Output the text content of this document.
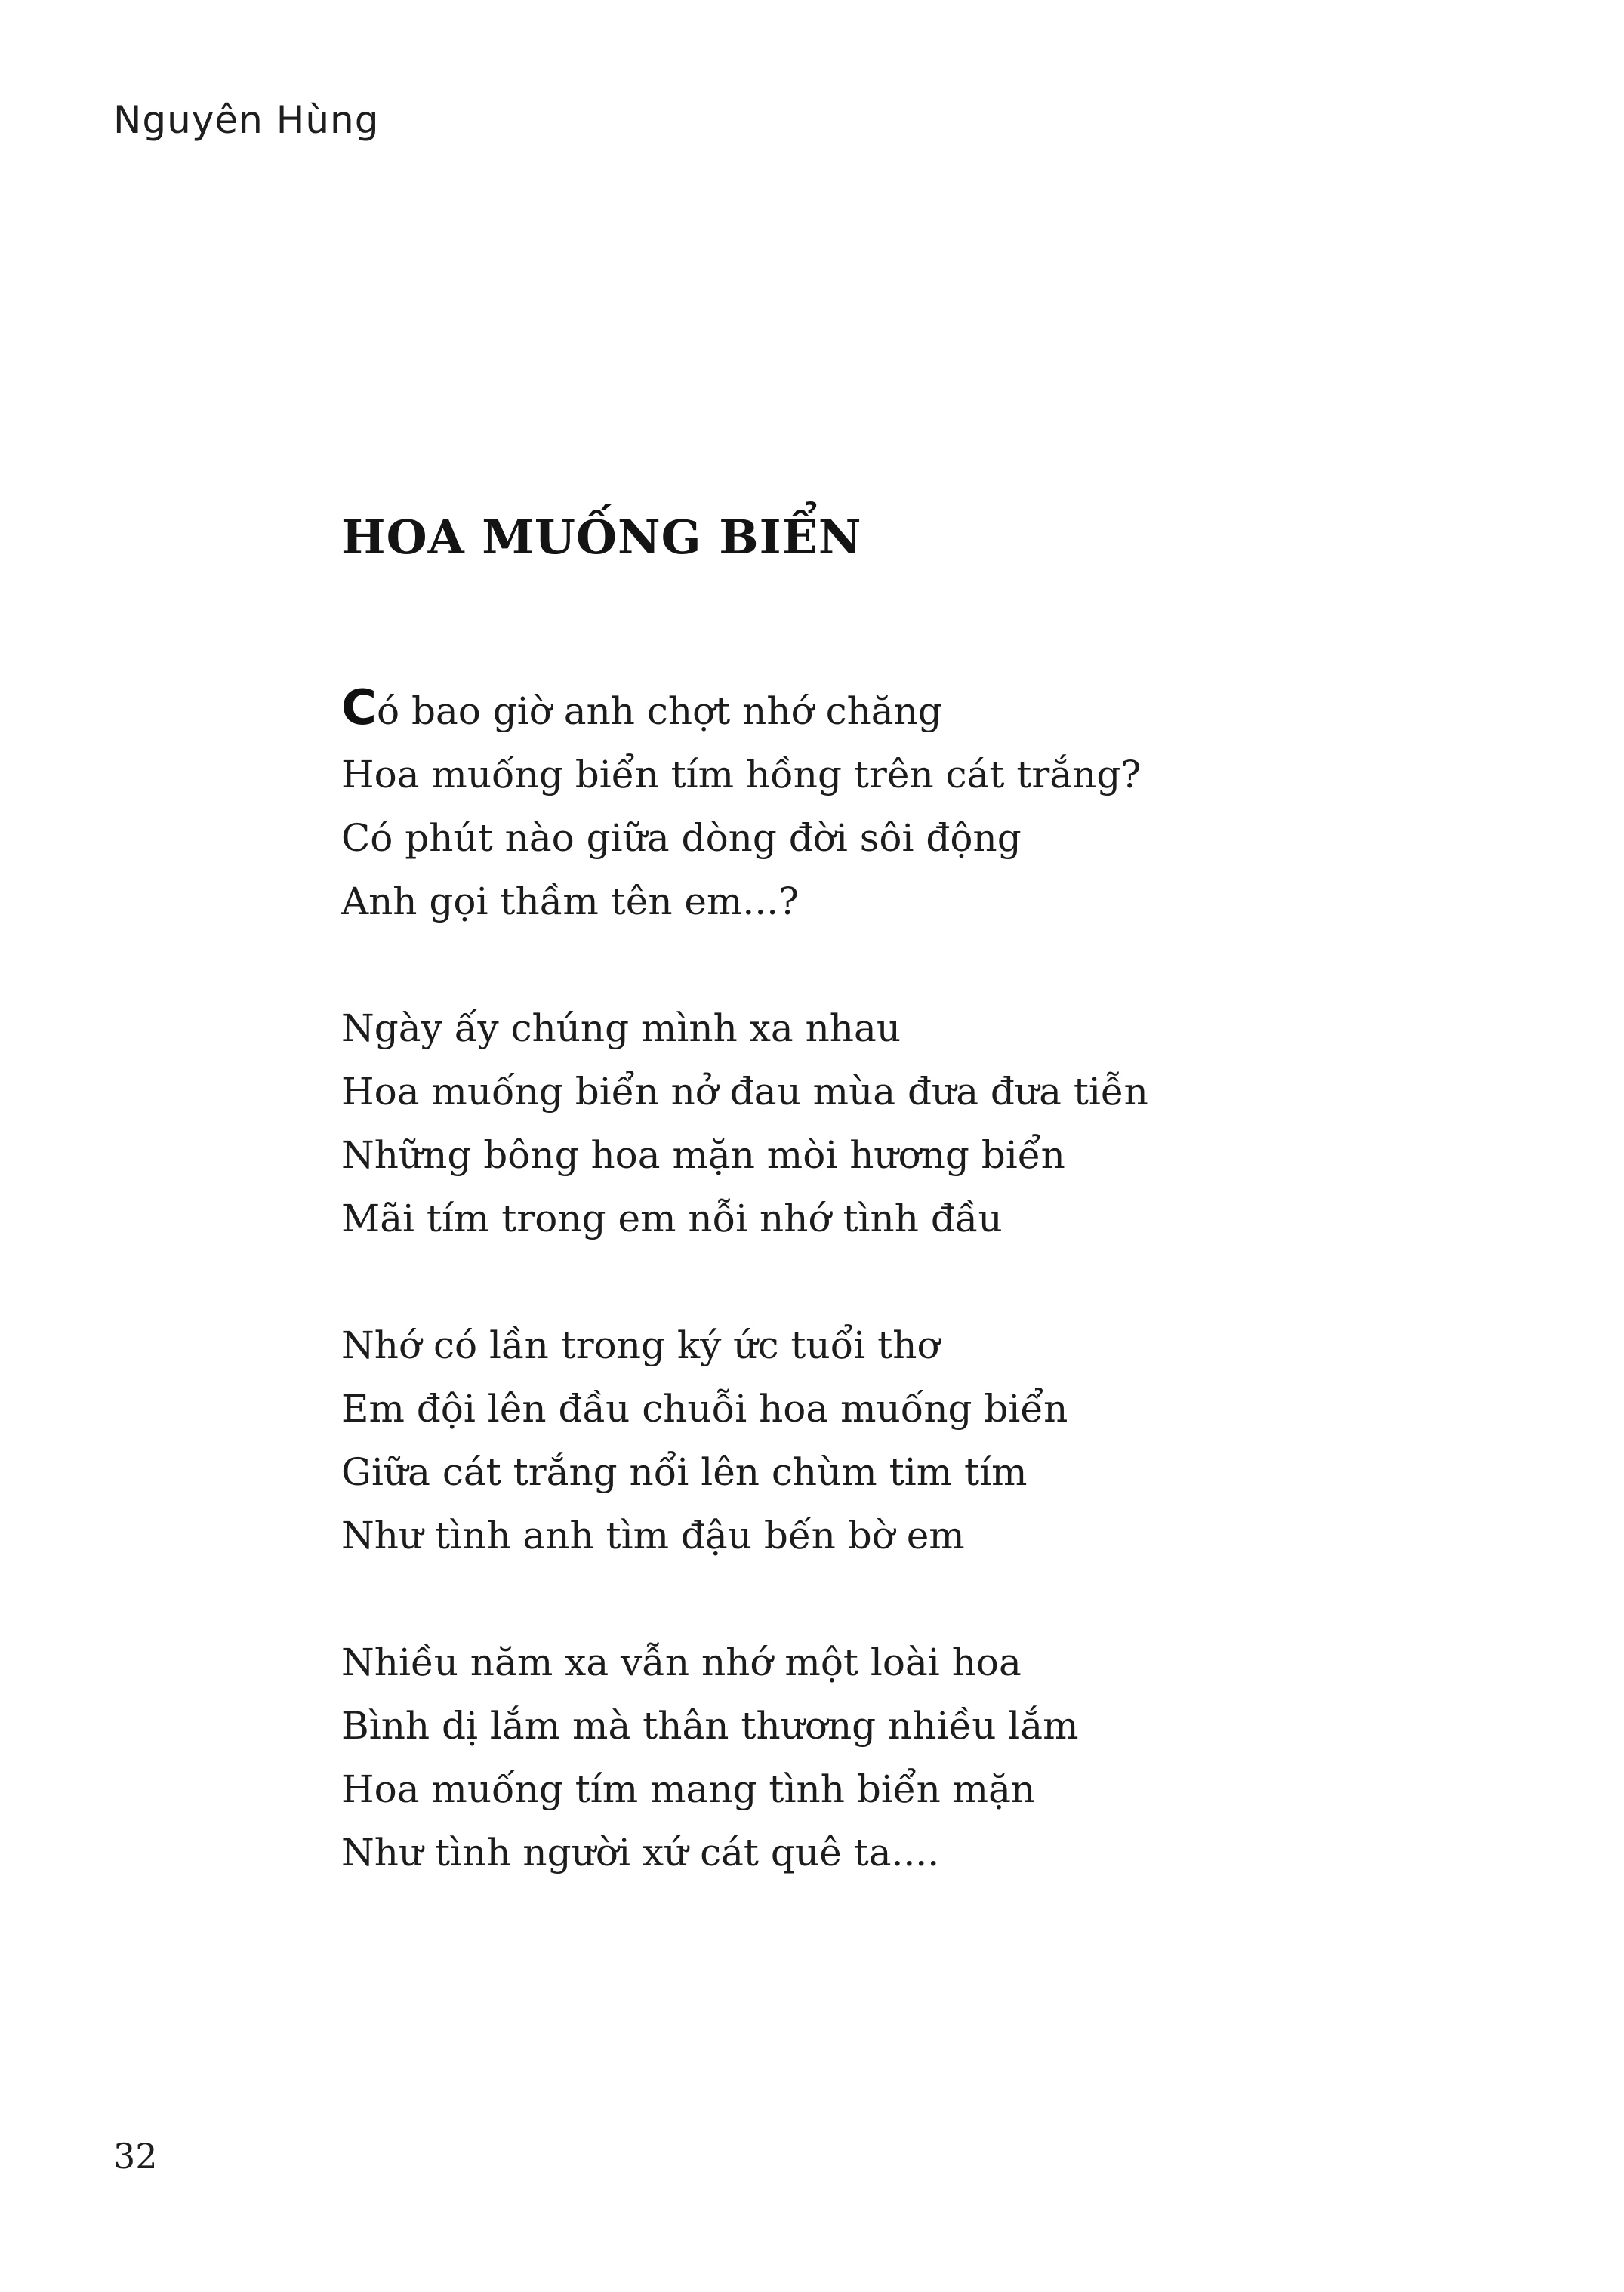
Nguyên Hùng
HOA MUỐNG BIỂN
Có bao giờ anh chợt nhớ chăng
Hoa muống biển tím hồng trên cát trắng?
Có phút nào giữa dòng đời sôi động
Anh gọi thầm tên em...?
Ngày ấy chúng mình xa nhau
Hoa muống biển nở đau mùa đưa đưa tiễn
Những bông hoa mặn mòi hương biển
Mãi tím trong em nỗi nhớ tình đầu
Nhớ có lần trong ký ức tuổi thơ
Em đội lên đầu chuỗi hoa muống biển
Giữa cát trắng nổi lên chùm tim tím
Như tình anh tìm đậu bến bờ em
Nhiều năm xa vẫn nhớ một loài hoa
Bình dị lắm mà thân thương nhiều lắm
Hoa muống tím mang tình biển mặn
Như tình người xứ cát quê ta....
32
